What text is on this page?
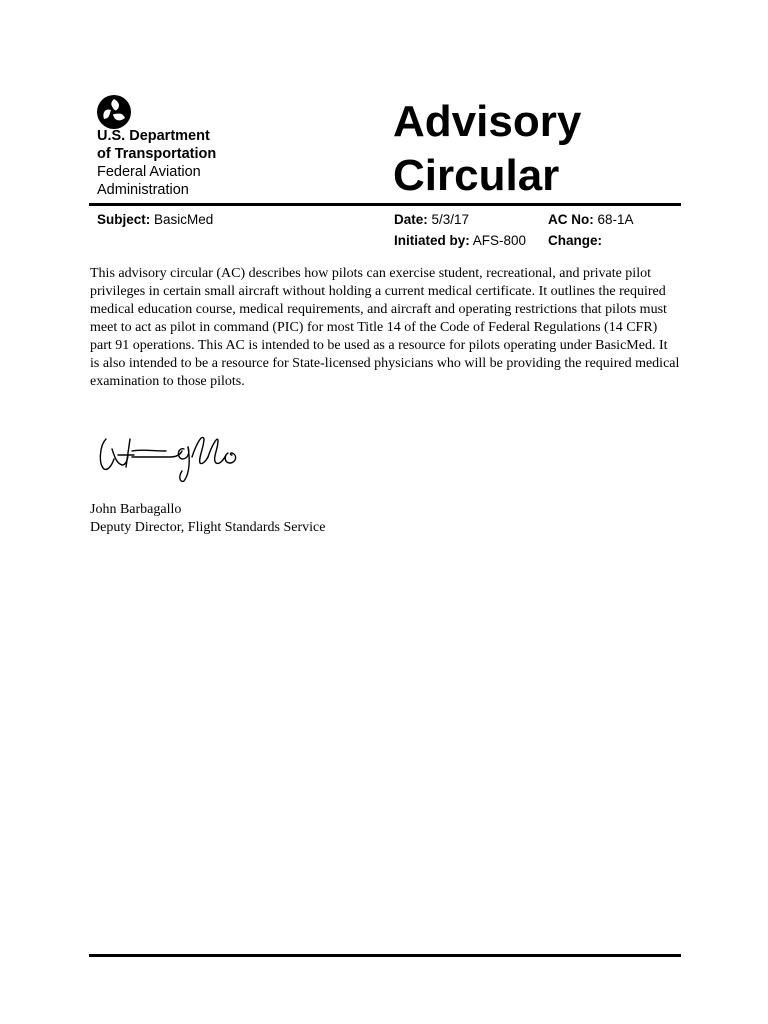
U.S. Department
of Transportation
Federal Aviation
Administration
Advisory
Circular
Subject: BasicMed	Date: 5/3/17	AC No: 68-1A
Initiated by: AFS-800 Change:
This advisory circular (AC) describes how pilots can exercise student, recreational, and private pilot privileges in certain small aircraft without holding a current medical certificate. It outlines the required medical education course, medical requirements, and aircraft and operating restrictions that pilots must meet to act as pilot in command (PIC) for most Title 14 of the Code of Federal Regulations (14 CFR) part 91 operations. This AC is intended to be used as a resource for pilots operating under BasicMed. It is also intended to be a resource for State-licensed physicians who will be providing the required medical examination to those pilots.
John Barbagallo
Deputy Director, Flight Standards Service
